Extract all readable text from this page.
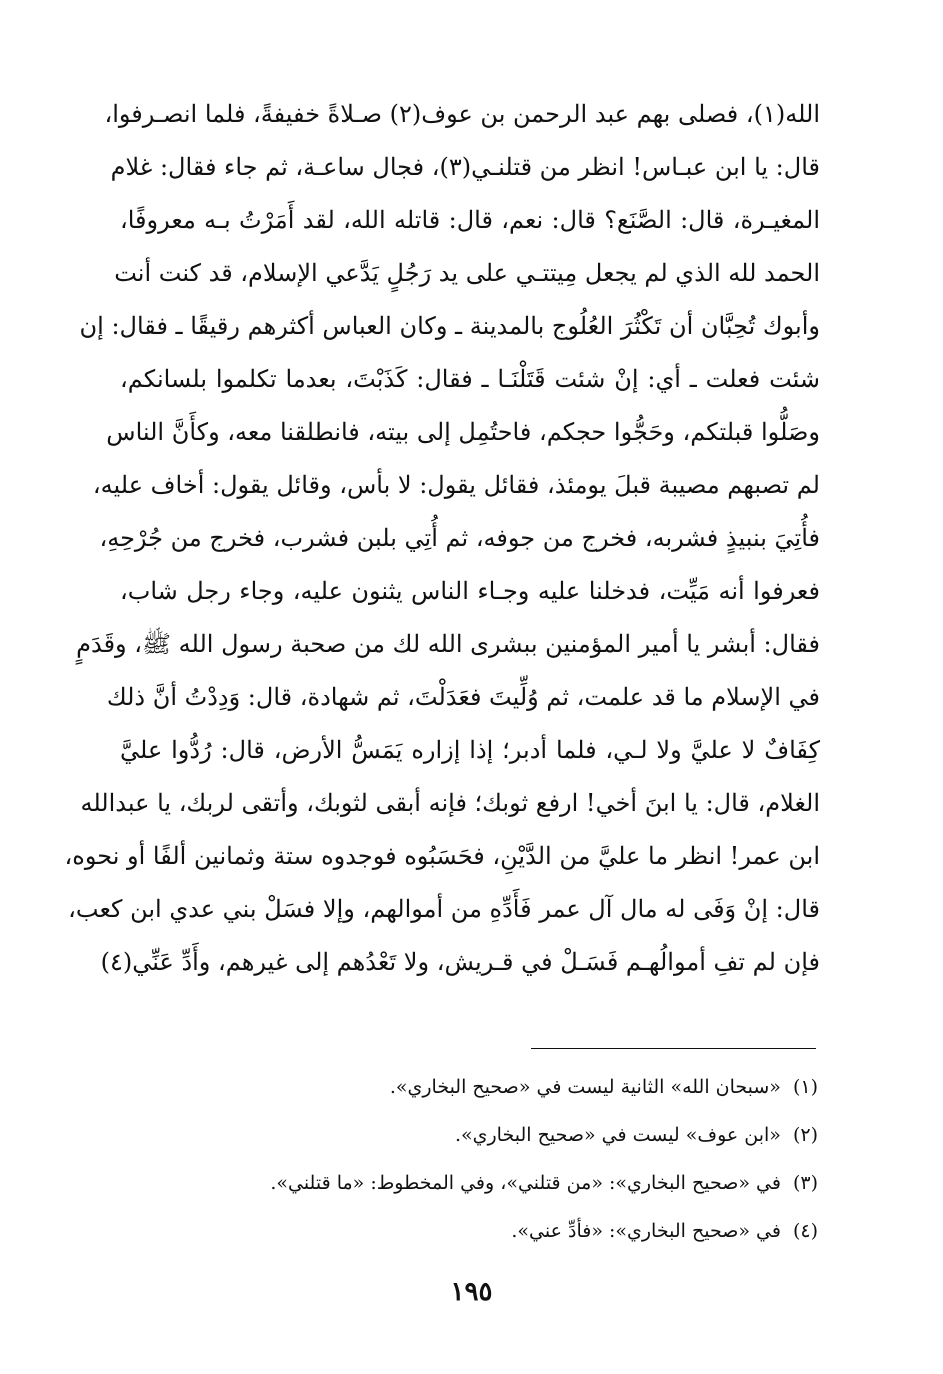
الله(١)، فصلى بهم عبد الرحمن بن عوف(٢) صـلاةً خفيفةً، فلما انصـرفوا،
قال: يا ابن عبـاس! انظر من قتلنـي(٣)، فجال ساعـة، ثم جاء فقال: غلام
المغيـرة، قال: الصَّنَع؟ قال: نعم، قال: قاتله الله، لقد أَمَرْتُ بـه معروفًا،
الحمد لله الذي لم يجعل مِيتتـي على يد رَجُلٍ يَدَّعي الإسلام، قد كنت أنت
وأبوك تُحِبَّان أن تَكْثُرَ العُلُوج بالمدينة ـ وكان العباس أكثرهم رقيقًا ـ فقال: إن
شئت فعلت ـ أي: إنْ شئت قَتَلْنَـا ـ فقال: كَذَبْتَ، بعدما تكلموا بلسانكم،
وصَلُّوا قبلتكم، وحَجُّوا حجكم، فاحتُمِل إلى بيته، فانطلقنا معه، وكأَنَّ الناس
لم تصبهم مصيبة قبلَ يومئذ، فقائل يقول: لا بأس، وقائل يقول: أخاف عليه،
فأُتِيَ بنبيذٍ فشربه، فخرج من جوفه، ثم أُتِي بلبن فشرب، فخرج من جُرْحِهِ،
فعرفوا أنه مَيِّت، فدخلنا عليه وجـاء الناس يثنون عليه، وجاء رجل شاب،
فقال: أبشر يا أمير المؤمنين ببشرى الله لك من صحبة رسول الله ﷺ، وقَدَمٍ
في الإسلام ما قد علمت، ثم وُلِّيتَ فعَدَلْتَ، ثم شهادة، قال: وَدِدْتُ أنَّ ذلك
كِفَافٌ لا عليَّ ولا لـي، فلما أدبر؛ إذا إزاره يَمَسُّ الأرض، قال: رُدُّوا عليَّ
الغلام، قال: يا ابنَ أخي! ارفع ثوبك؛ فإنه أبقى لثوبك، وأتقى لربك، يا عبدالله
ابن عمر! انظر ما عليَّ من الدَّيْنِ، فحَسَبُوه فوجدوه ستة وثمانين ألفًا أو نحوه،
قال: إنْ وَفَى له مال آل عمر فَأَدِّهِ من أموالهم، وإلا فسَلْ بني عدي ابن كعب،
فإن لم تفِ أموالُهـم فَسَـلْ في قـريش، ولا تَعْدُهم إلى غيرهم، وأَدِّ عَنِّي(٤)
(١)«سبحان الله» الثانية ليست في «صحيح البخاري».
(٢)«ابن عوف» ليست في «صحيح البخاري».
(٣)في «صحيح البخاري»: «من قتلني»، وفي المخطوط: «ما قتلني».
(٤)في «صحيح البخاري»: «فأدِّ عني».
١٩٥
